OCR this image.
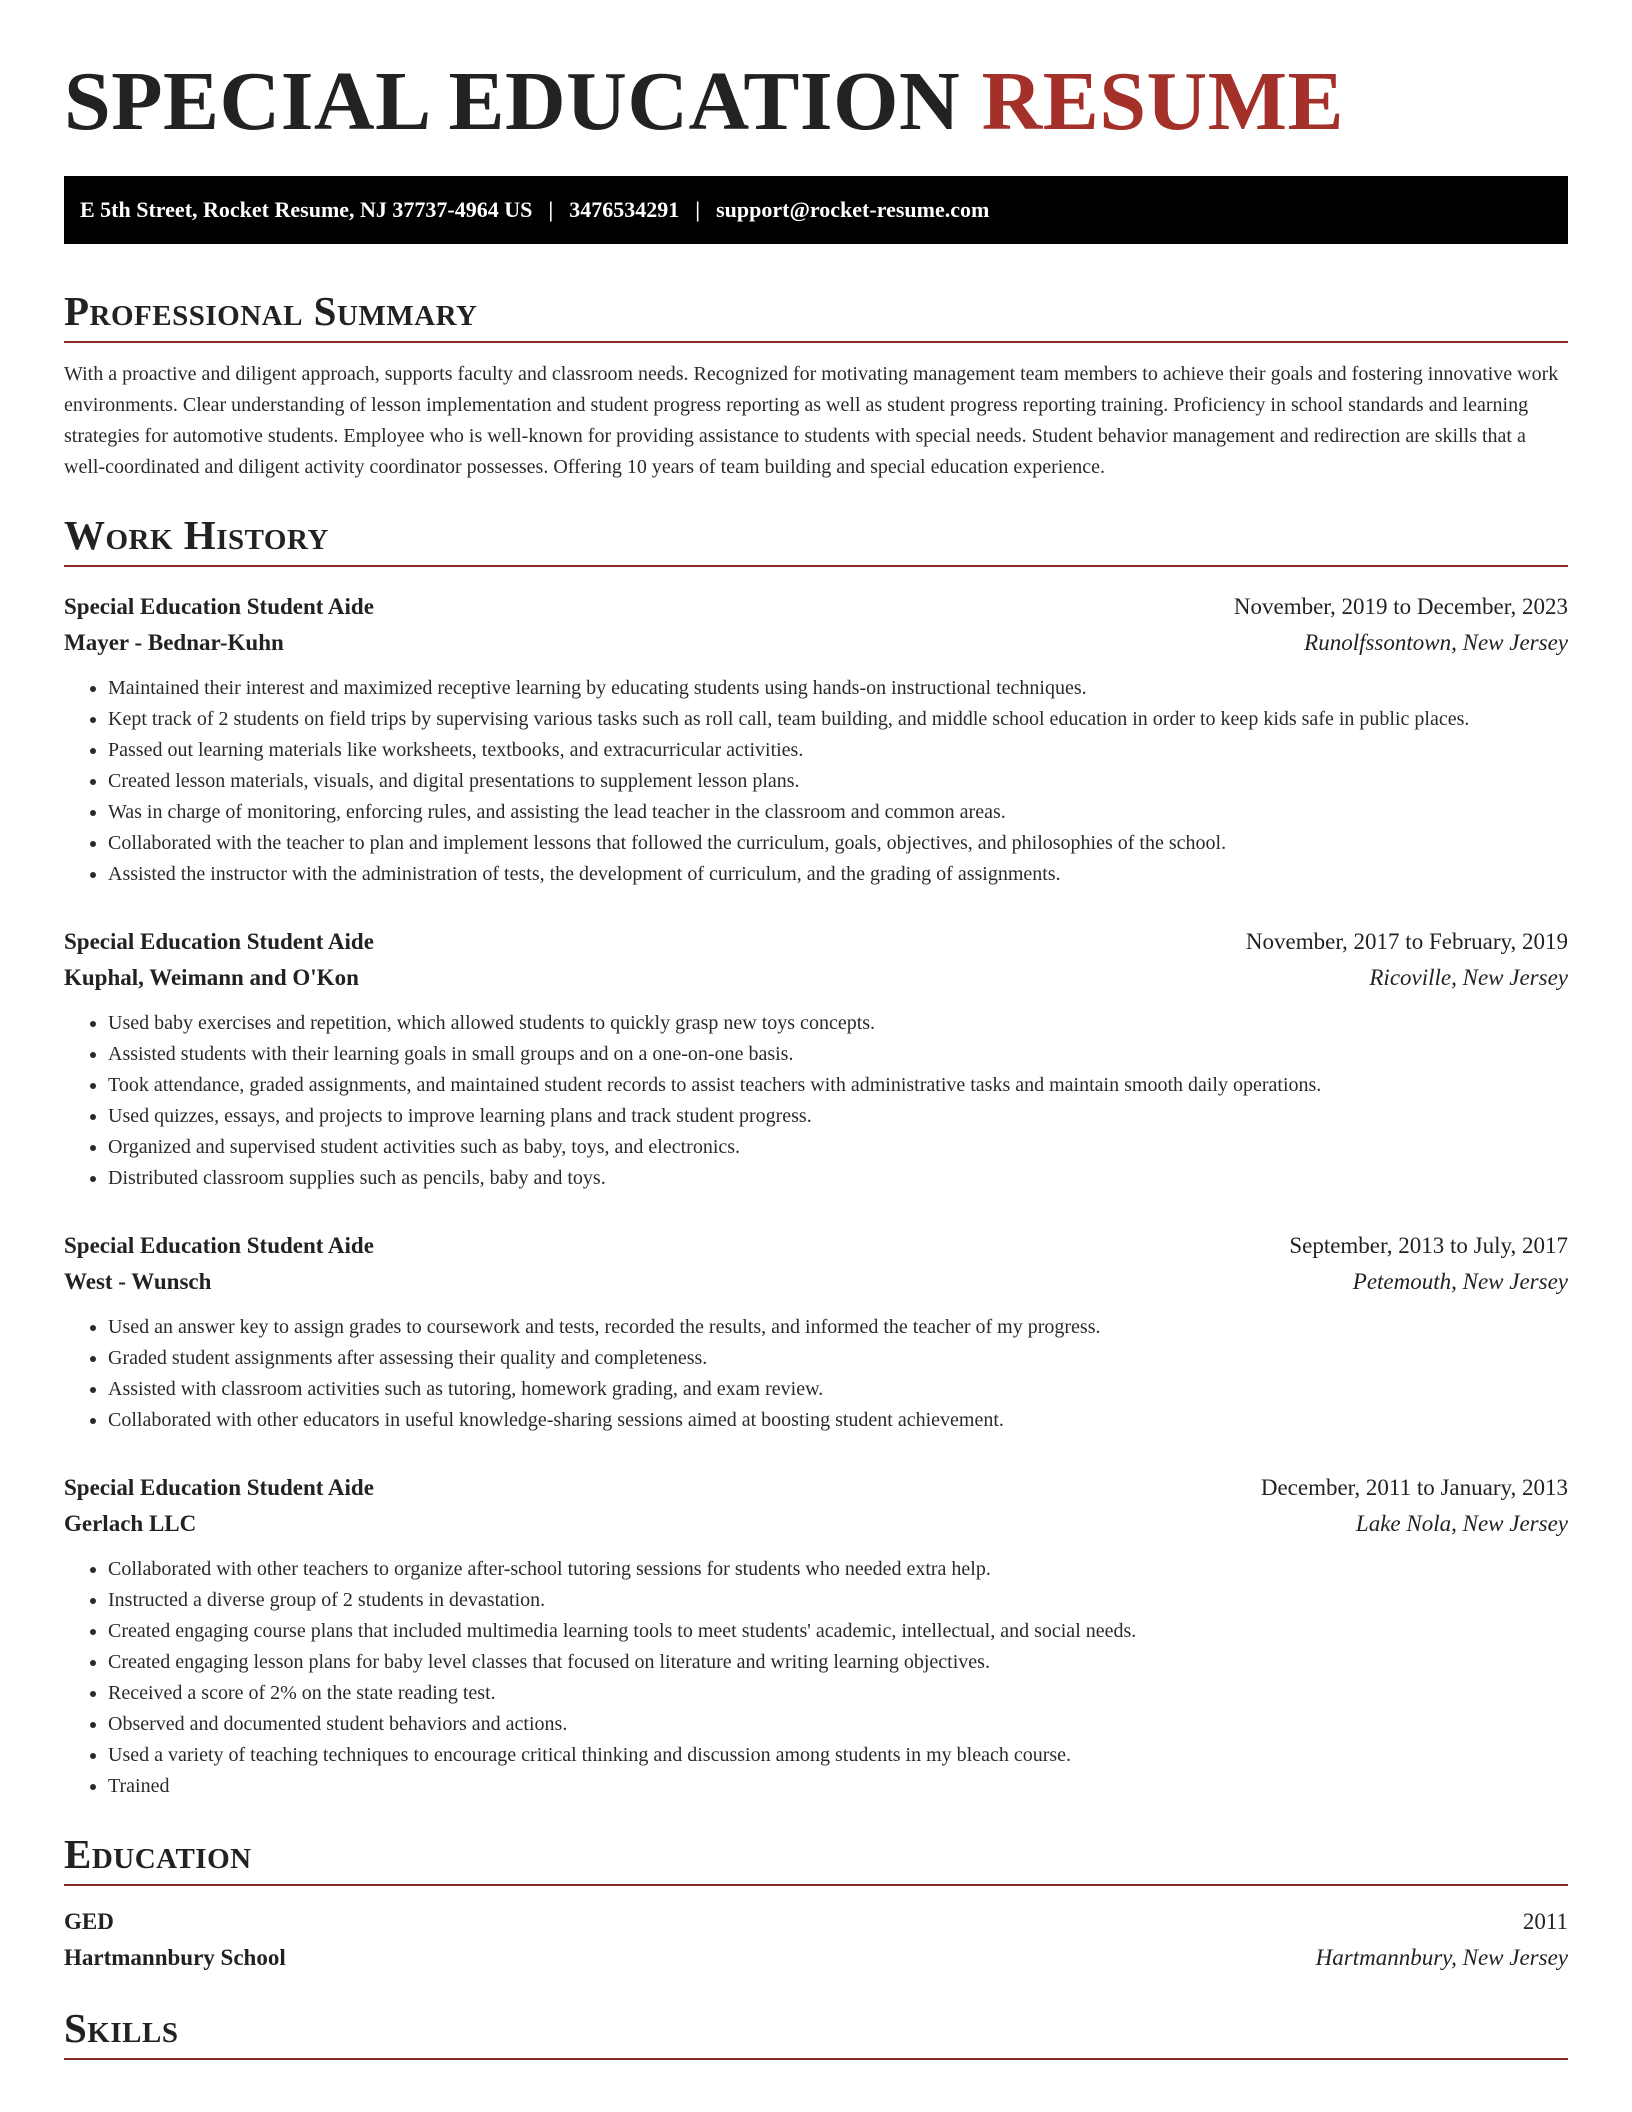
SPECIAL EDUCATION RESUME
E 5th Street, Rocket Resume, NJ 37737-4964 US | 3476534291 | support@rocket-resume.com
Professional Summary

With a proactive and diligent approach, supports faculty and classroom needs. Recognized for motivating management team members to achieve their goals and fostering innovative work environments. Clear understanding of lesson implementation and student progress reporting as well as student progress reporting training. Proficiency in school standards and learning strategies for automotive students. Employee who is well-known for providing assistance to students with special needs. Student behavior management and redirection are skills that a well-coordinated and diligent activity coordinator possesses. Offering 10 years of team building and special education experience.

Work History
Special Education Student Aide	November, 2019 to December, 2023
Mayer - Bednar-Kuhn	Runolfssontown, New Jersey
• Maintained their interest and maximized receptive learning by educating students using hands-on instructional techniques.
• Kept track of 2 students on field trips by supervising various tasks such as roll call, team building, and middle school education in order to keep kids safe in public places.
• Passed out learning materials like worksheets, textbooks, and extracurricular activities.
• Created lesson materials, visuals, and digital presentations to supplement lesson plans.
• Was in charge of monitoring, enforcing rules, and assisting the lead teacher in the classroom and common areas.
• Collaborated with the teacher to plan and implement lessons that followed the curriculum, goals, objectives, and philosophies of the school.
• Assisted the instructor with the administration of tests, the development of curriculum, and the grading of assignments.
Special Education Student Aide	November, 2017 to February, 2019
Kuphal, Weimann and O'Kon	Ricoville, New Jersey
• Used baby exercises and repetition, which allowed students to quickly grasp new toys concepts.
• Assisted students with their learning goals in small groups and on a one-on-one basis.
• Took attendance, graded assignments, and maintained student records to assist teachers with administrative tasks and maintain smooth daily operations.
• Used quizzes, essays, and projects to improve learning plans and track student progress.
• Organized and supervised student activities such as baby, toys, and electronics.
• Distributed classroom supplies such as pencils, baby and toys.
Special Education Student Aide	September, 2013 to July, 2017
West - Wunsch	Petemouth, New Jersey
• Used an answer key to assign grades to coursework and tests, recorded the results, and informed the teacher of my progress.
• Graded student assignments after assessing their quality and completeness.
• Assisted with classroom activities such as tutoring, homework grading, and exam review.
• Collaborated with other educators in useful knowledge-sharing sessions aimed at boosting student achievement.
Special Education Student Aide	December, 2011 to January, 2013
Gerlach LLC	Lake Nola, New Jersey
• Collaborated with other teachers to organize after-school tutoring sessions for students who needed extra help.
• Instructed a diverse group of 2 students in devastation.
• Created engaging course plans that included multimedia learning tools to meet students' academic, intellectual, and social needs.
• Created engaging lesson plans for baby level classes that focused on literature and writing learning objectives.
• Received a score of 2% on the state reading test.
• Observed and documented student behaviors and actions.
• Used a variety of teaching techniques to encourage critical thinking and discussion among students in my bleach course.
• Trained
Education
GED	2011
Hartmannbury School	Hartmannbury, New Jersey
Skills
